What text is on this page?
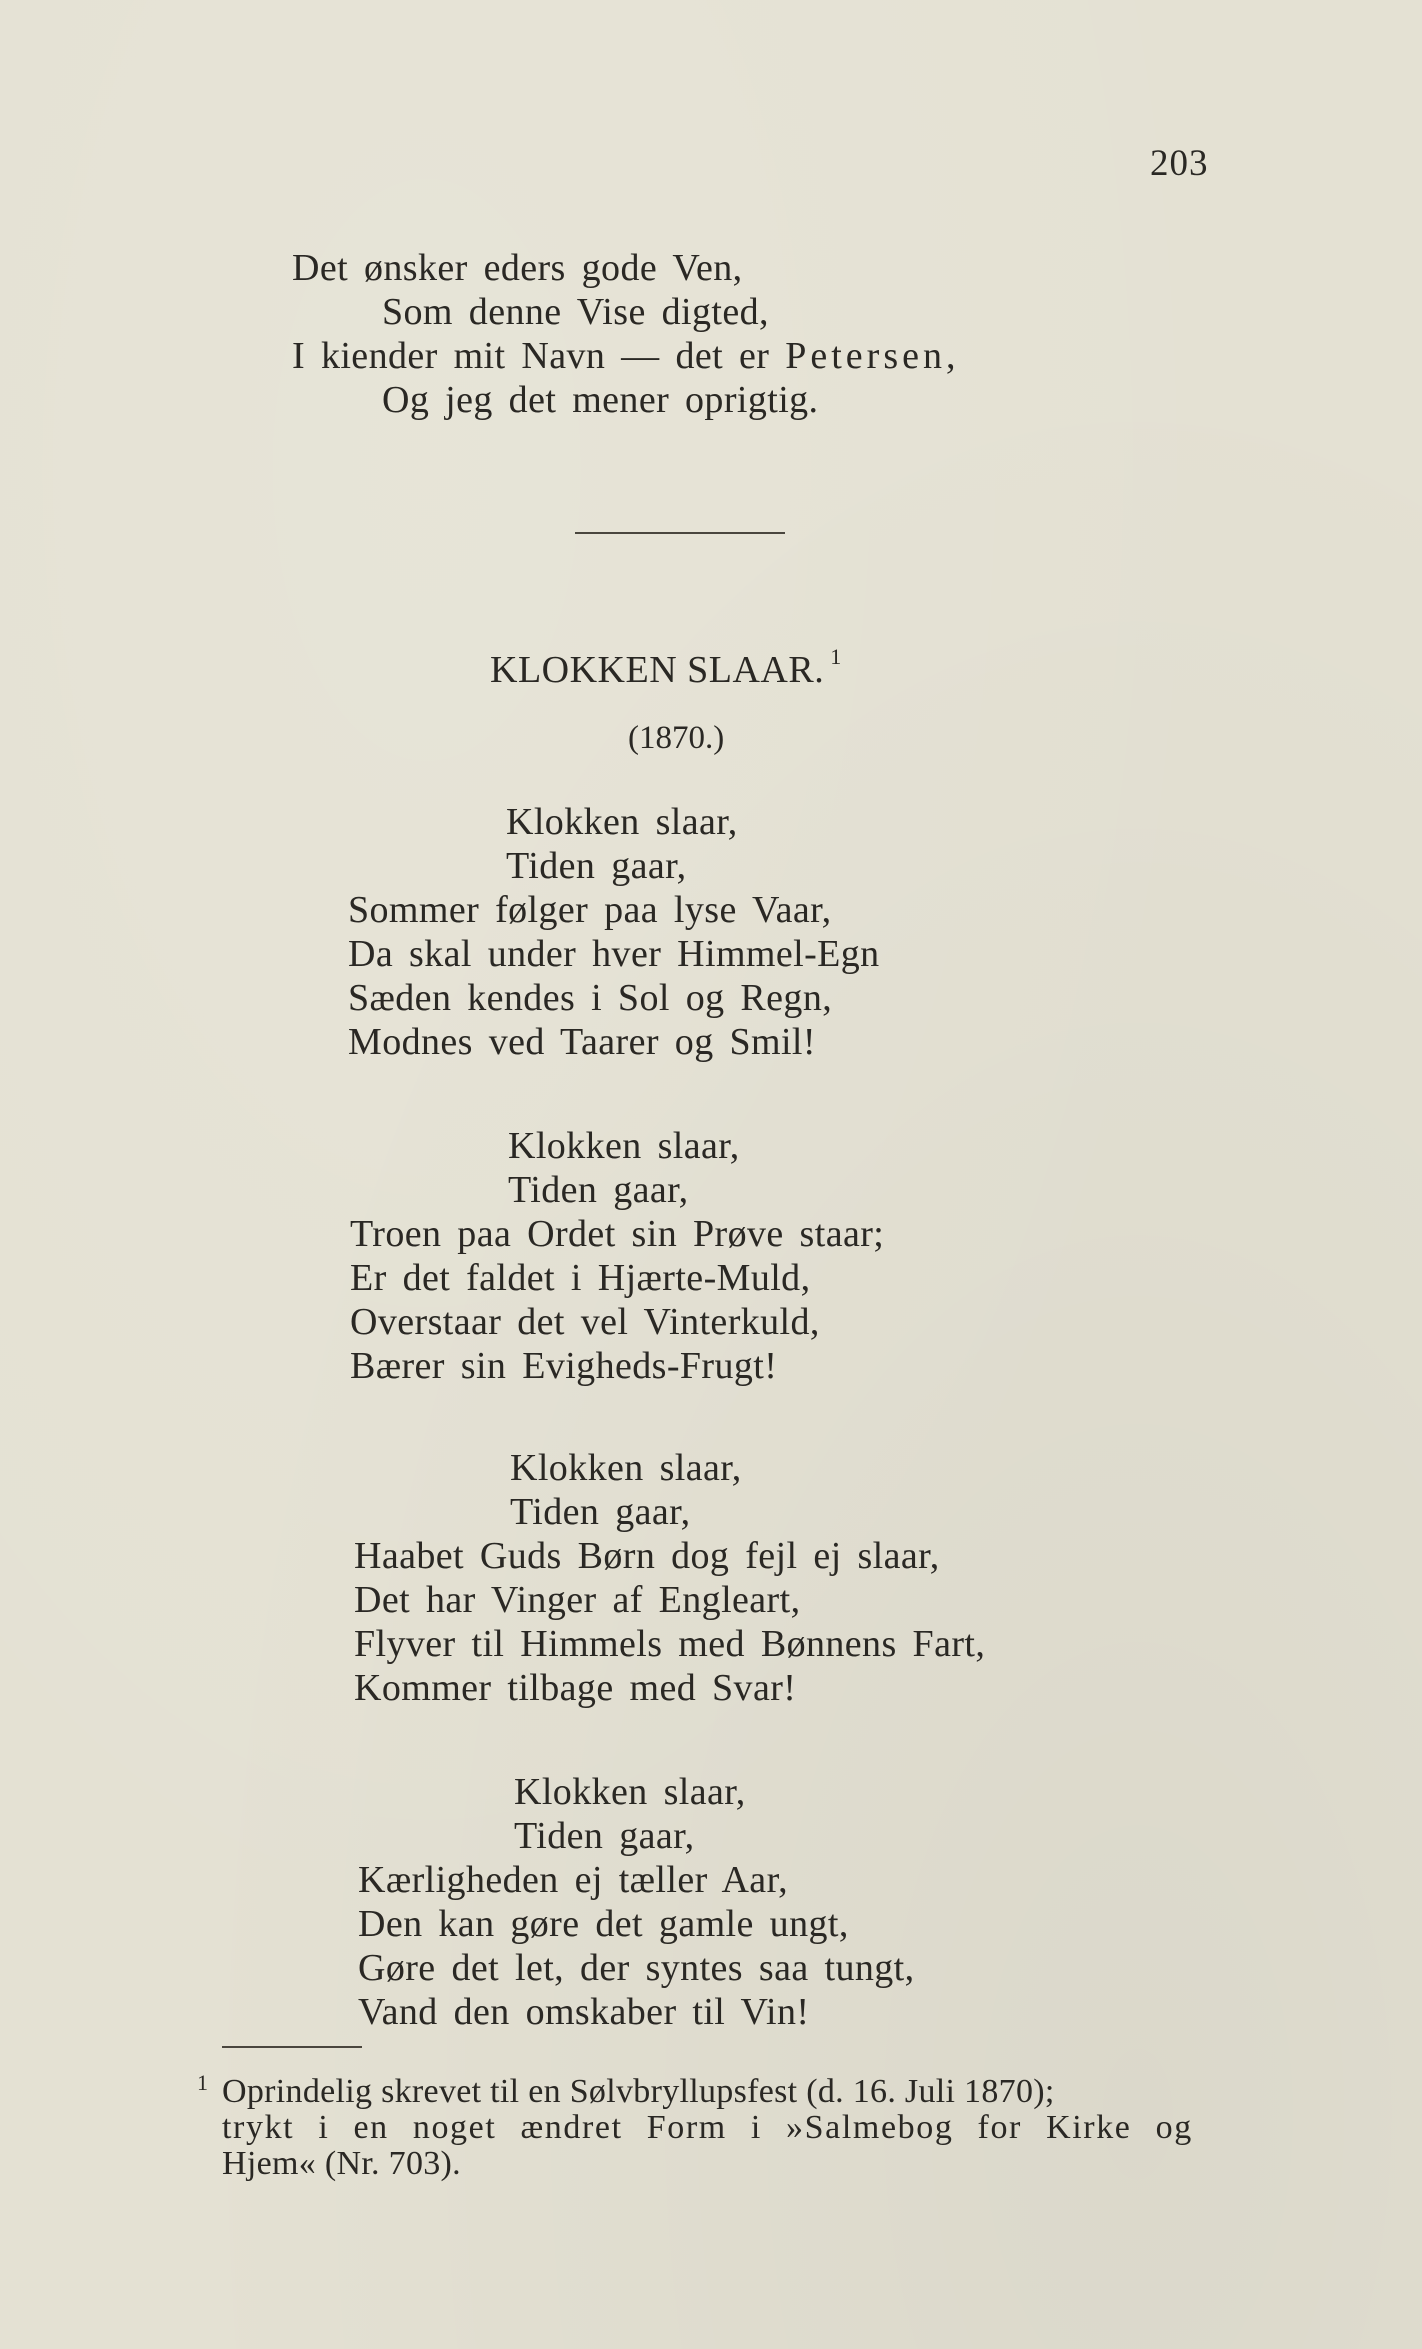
203
Det ønsker eders gode Ven,
Som denne Vise digted,
I kiender mit Navn — det er Petersen,
Og jeg det mener oprigtig.
KLOKKEN SLAAR. $^1$
(1870.)
Klokken slaar,
Tiden gaar,
Sommer følger paa lyse Vaar,
Da skal under hver Himmel-Egn
Sæden kendes i Sol og Regn,
Modnes ved Taarer og Smil!
Klokken slaar,
Tiden gaar,
Troen paa Ordet sin Prøve staar;
Er det faldet i Hjærte-Muld,
Overstaar det vel Vinterkuld,
Bærer sin Evigheds-Frugt!
Klokken slaar,
Tiden gaar,
Haabet Guds Børn dog fejl ej slaar,
Det har Vinger af Engleart,
Flyver til Himmels med Bønnens Fart,
Kommer tilbage med Svar!
Klokken slaar,
Tiden gaar,
Kærligheden ej tæller Aar,
Den kan gøre det gamle ungt,
Gøre det let, der syntes saa tungt,
Vand den omskaber til Vin!
1 Oprindelig skrevet til en Sølvbryllupsfest (d. 16. Juli 1870);
trykt i en noget ændret Form i »Salmebog for Kirke og
Hjem« (Nr. 703).
